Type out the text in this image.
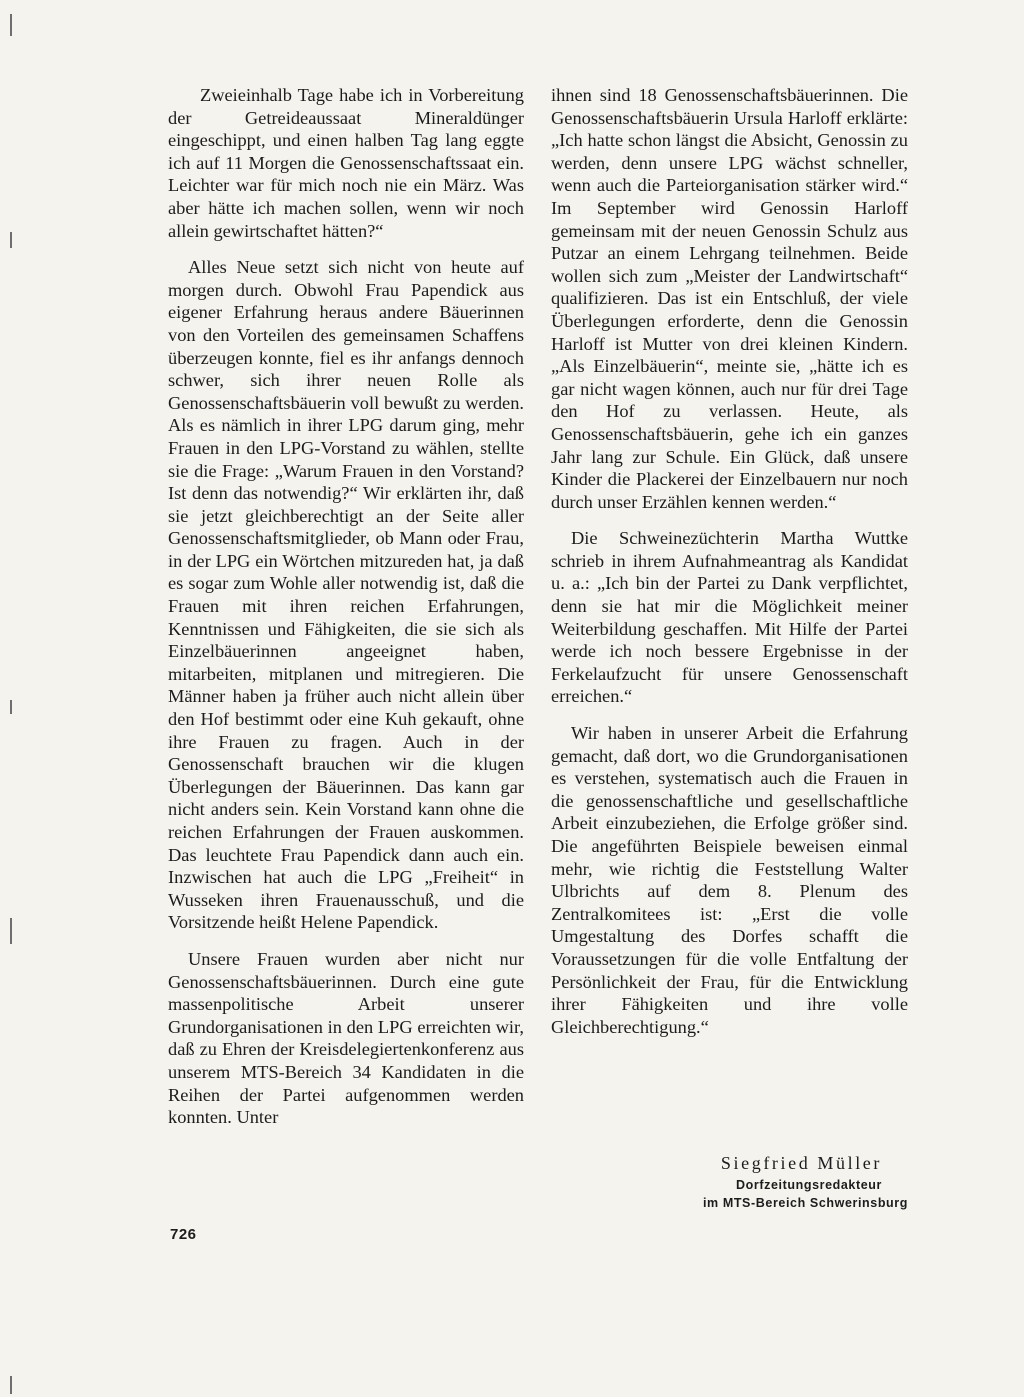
Zweieinhalb Tage habe ich in Vorbereitung der Getreideaussaat Mineraldünger eingeschippt, und einen halben Tag lang eggte ich auf 11 Morgen die Genossenschaftssaat ein. Leichter war für mich noch nie ein März. Was aber hätte ich machen sollen, wenn wir noch allein gewirtschaftet hätten?“

Alles Neue setzt sich nicht von heute auf morgen durch. Obwohl Frau Papendick aus eigener Erfahrung heraus andere Bäuerinnen von den Vorteilen des gemeinsamen Schaffens überzeugen konnte, fiel es ihr anfangs dennoch schwer, sich ihrer neuen Rolle als Genossenschaftsbäuerin voll bewußt zu werden. Als es nämlich in ihrer LPG darum ging, mehr Frauen in den LPG-Vorstand zu wählen, stellte sie die Frage: „Warum Frauen in den Vorstand? Ist denn das notwendig?“ Wir erklärten ihr, daß sie jetzt gleichberechtigt an der Seite aller Genossenschaftsmitglieder, ob Mann oder Frau, in der LPG ein Wörtchen mitzureden hat, ja daß es sogar zum Wohle aller notwendig ist, daß die Frauen mit ihren reichen Erfahrungen, Kenntnissen und Fähigkeiten, die sie sich als Einzelbäuerinnen angeeignet haben, mitarbeiten, mitplanen und mitregieren. Die Männer haben ja früher auch nicht allein über den Hof bestimmt oder eine Kuh gekauft, ohne ihre Frauen zu fragen. Auch in der Genossenschaft brauchen wir die klugen Überlegungen der Bäuerinnen. Das kann gar nicht anders sein. Kein Vorstand kann ohne die reichen Erfahrungen der Frauen auskommen. Das leuchtete Frau Papendick dann auch ein. Inzwischen hat auch die LPG „Freiheit“ in Wusseken ihren Frauenausschuß, und die Vorsitzende heißt Helene Papendick.

Unsere Frauen wurden aber nicht nur Genossenschaftsbäuerinnen. Durch eine gute massenpolitische Arbeit unserer Grundorganisationen in den LPG erreichten wir, daß zu Ehren der Kreisdelegiertenkonferenz aus unserem MTS-Bereich 34 Kandidaten in die Reihen der Partei aufgenommen werden konnten. Unter

ihnen sind 18 Genossenschaftsbäuerinnen. Die Genossenschaftsbäuerin Ursula Harloff erklärte: „Ich hatte schon längst die Absicht, Genossin zu werden, denn unsere LPG wächst schneller, wenn auch die Parteiorganisation stärker wird.“ Im September wird Genossin Harloff gemeinsam mit der neuen Genossin Schulz aus Putzar an einem Lehrgang teilnehmen. Beide wollen sich zum „Meister der Landwirtschaft“ qualifizieren. Das ist ein Entschluß, der viele Überlegungen erforderte, denn die Genossin Harloff ist Mutter von drei kleinen Kindern. „Als Einzelbäuerin“, meinte sie, „hätte ich es gar nicht wagen können, auch nur für drei Tage den Hof zu verlassen. Heute, als Genossenschaftsbäuerin, gehe ich ein ganzes Jahr lang zur Schule. Ein Glück, daß unsere Kinder die Plackerei der Einzelbauern nur noch durch unser Erzählen kennen werden.“

Die Schweinezüchterin Martha Wuttke schrieb in ihrem Aufnahmeantrag als Kandidat u. a.: „Ich bin der Partei zu Dank verpflichtet, denn sie hat mir die Möglichkeit meiner Weiterbildung geschaffen. Mit Hilfe der Partei werde ich noch bessere Ergebnisse in der Ferkelaufzucht für unsere Genossenschaft erreichen.“

Wir haben in unserer Arbeit die Erfahrung gemacht, daß dort, wo die Grundorganisationen es verstehen, systematisch auch die Frauen in die genossenschaftliche und gesellschaftliche Arbeit einzubeziehen, die Erfolge größer sind. Die angeführten Beispiele beweisen einmal mehr, wie richtig die Feststellung Walter Ulbrichts auf dem 8. Plenum des Zentralkomitees ist: „Erst die volle Umgestaltung des Dorfes schafft die Voraussetzungen für die volle Entfaltung der Persönlichkeit der Frau, für die Entwicklung ihrer Fähigkeiten und ihre volle Gleichberechtigung.“

Siegfried Müller
Dorfzeitungsredakteur
im MTS-Bereich Schwerinsburg
726
